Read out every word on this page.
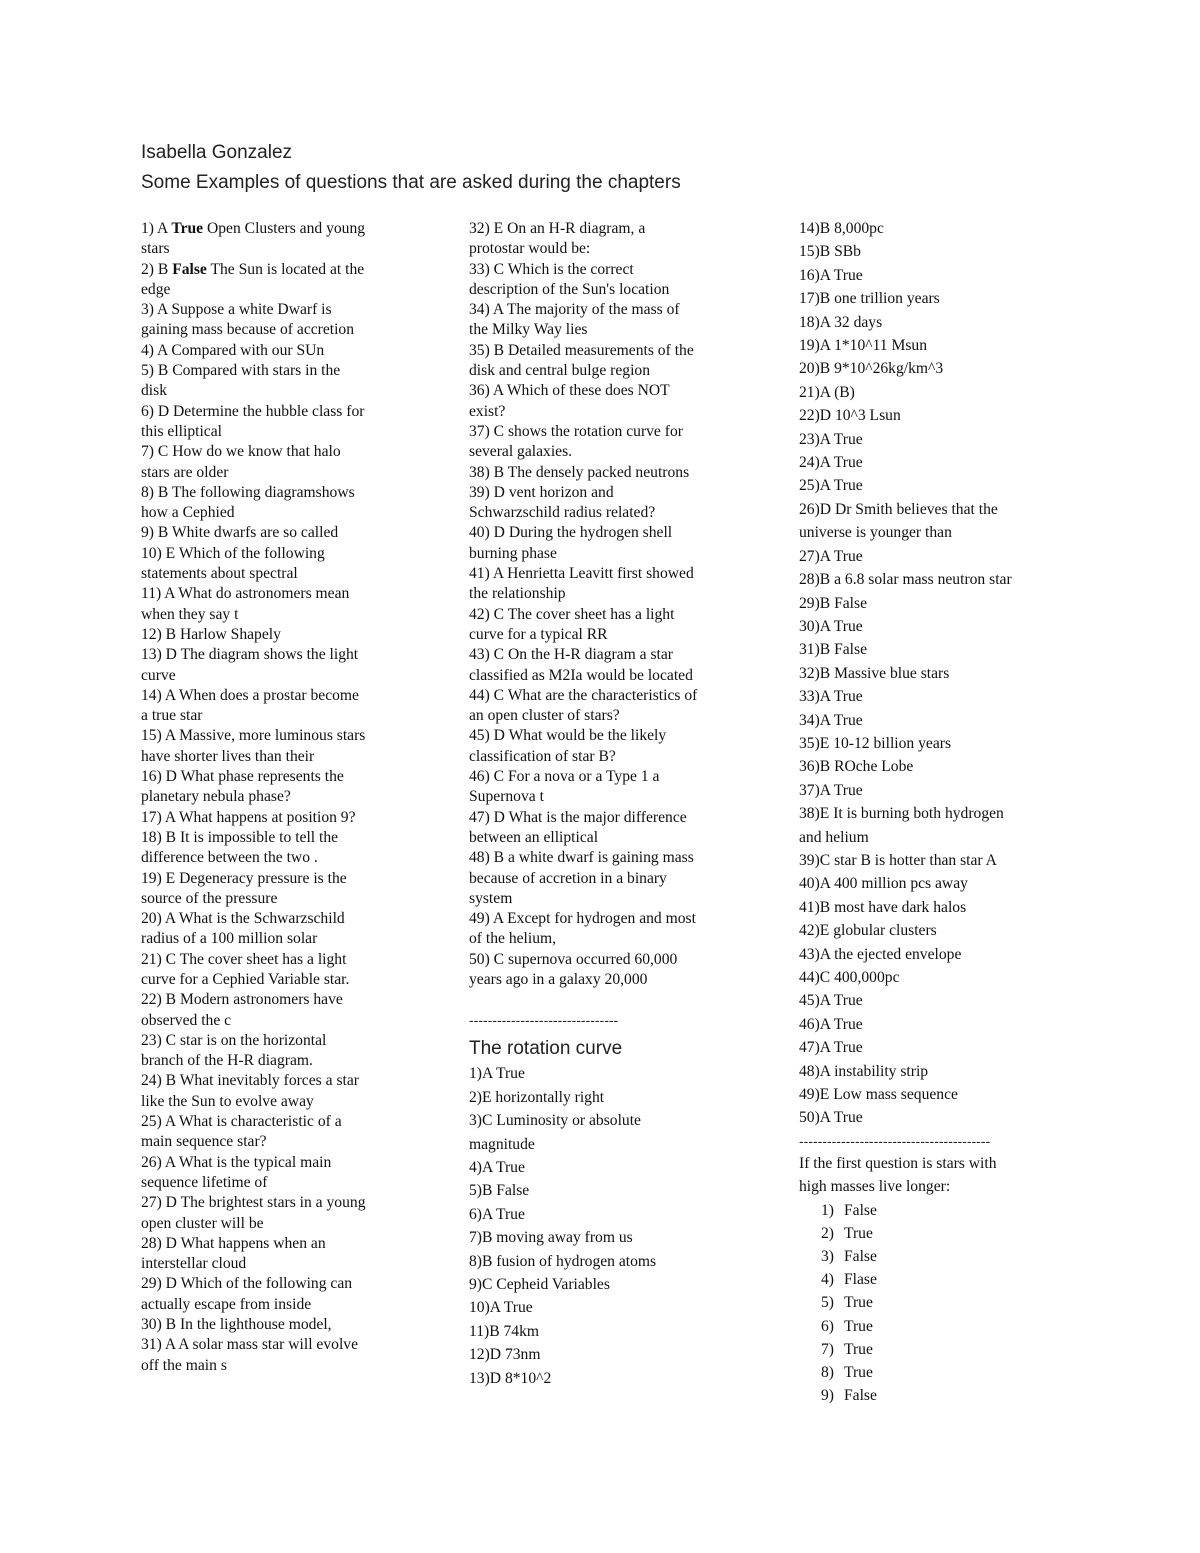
Isabella Gonzalez
Some Examples of questions that are asked during the chapters
1) A True Open Clusters and young
stars
2) B False The Sun is located at the
edge
3) A Suppose a white Dwarf is
gaining mass because of accretion
4) A Compared with our SUn
5) B Compared with stars in the
disk
6) D Determine the hubble class for
this elliptical
7) C How do we know that halo
stars are older
8) B The following diagramshows
how a Cephied
9) B White dwarfs are so called
10) E Which of the following
statements about spectral
11) A What do astronomers mean
when they say t
12) B Harlow Shapely
13) D The diagram shows the light
curve
14) A When does a prostar become
a true star
15) A Massive, more luminous stars
have shorter lives than their
16) D What phase represents the
planetary nebula phase?
17) A What happens at position 9?
18) B It is impossible to tell the
difference between the two .
19) E Degeneracy pressure is the
source of the pressure
20) A What is the Schwarzschild
radius of a 100 million solar
21) C The cover sheet has a light
curve for a Cephied Variable star.
22) B Modern astronomers have
observed the c
23) C star is on the horizontal
branch of the H-R diagram.
24) B What inevitably forces a star
like the Sun to evolve away
25) A What is characteristic of a
main sequence star?
26) A What is the typical main
sequence lifetime of
27) D The brightest stars in a young
open cluster will be
28) D What happens when an
interstellar cloud
29) D Which of the following can
actually escape from inside
30) B In the lighthouse model,
31) A A solar mass star will evolve
off the main s
32) E On an H-R diagram, a
protostar would be:
33) C Which is the correct
description of the Sun's location
34) A The majority of the mass of
the Milky Way lies
35) B Detailed measurements of the
disk and central bulge region
36) A Which of these does NOT
exist?
37) C shows the rotation curve for
several galaxies.
38) B The densely packed neutrons
39) D vent horizon and
Schwarzschild radius related?
40) D During the hydrogen shell
burning phase
41) A Henrietta Leavitt first showed
the relationship
42) C The cover sheet has a light
curve for a typical RR
43) C On the H-R diagram a star
classified as M2Ia would be located
44) C What are the characteristics of
an open cluster of stars?
45) D What would be the likely
classification of star B?
46) C For a nova or a Type 1 a
Supernova t
47) D What is the major difference
between an elliptical
48) B a white dwarf is gaining mass
because of accretion in a binary
system
49) A Except for hydrogen and most
of the helium,
50) C supernova occurred 60,000
years ago in a galaxy 20,000
--------------------------------
The rotation curve
1)A True
2)E horizontally right
3)C Luminosity or absolute
magnitude
4)A True
5)B False
6)A True
7)B moving away from us
8)B fusion of hydrogen atoms
9)C Cepheid Variables
10)A True
11)B 74km
12)D 73nm
13)D 8*10^2
14)B 8,000pc
15)B SBb
16)A True
17)B one trillion years
18)A 32 days
19)A 1*10^11 Msun
20)B 9*10^26kg/km^3
21)A (B)
22)D 10^3 Lsun
23)A True
24)A True
25)A True
26)D Dr Smith believes that the
universe is younger than
27)A True
28)B a 6.8 solar mass neutron star
29)B False
30)A True
31)B False
32)B Massive blue stars
33)A True
34)A True
35)E 10-12 billion years
36)B ROche Lobe
37)A True
38)E It is burning both hydrogen
and helium
39)C star B is hotter than star A
40)A 400 million pcs away
41)B most have dark halos
42)E globular clusters
43)A the ejected envelope
44)C 400,000pc
45)A True
46)A True
47)A True
48)A instability strip
49)E Low mass sequence
50)A True
-----------------------------------------
If the first question is stars with
high masses live longer:
1) False
2) True
3) False
4) Flase
5) True
6) True
7) True
8) True
9) False
